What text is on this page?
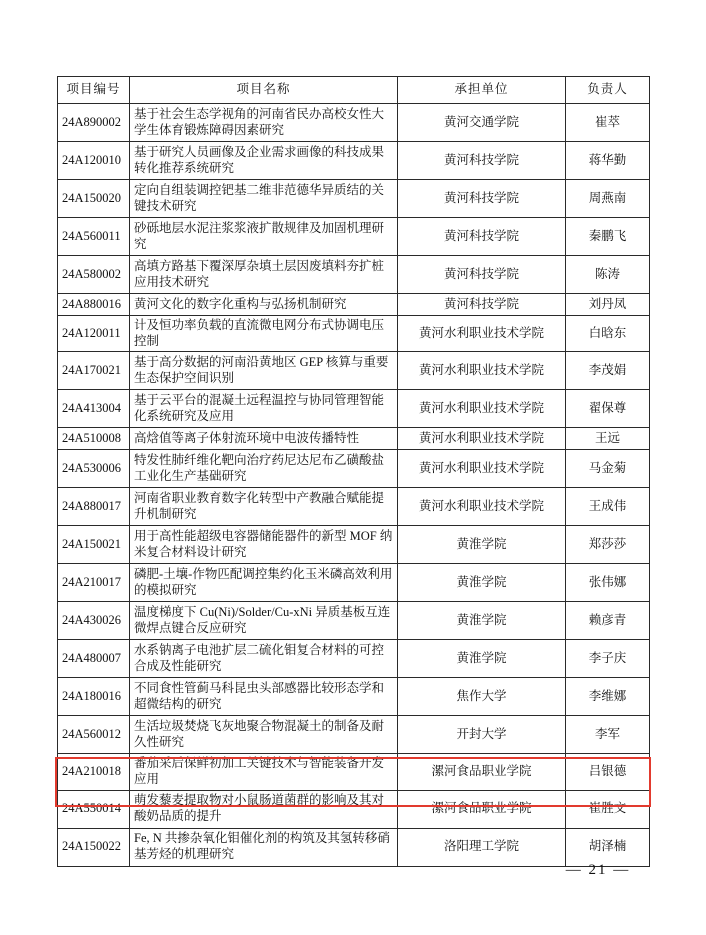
项目编号	项目名称	承担单位	负责人
24A890002	基于社会生态学视角的河南省民办高校女性大学生体育锻炼障碍因素研究	黄河交通学院	崔萃
24A120010	基于研究人员画像及企业需求画像的科技成果转化推荐系统研究	黄河科技学院	蒋华勤
24A150020	定向自组装调控钯基二维非范德华异质结的关键技术研究	黄河科技学院	周燕南
24A560011	砂砾地层水泥注浆浆液扩散规律及加固机理研究	黄河科技学院	秦鹏飞
24A580002	高填方路基下覆深厚杂填土层因废填料夯扩桩应用技术研究	黄河科技学院	陈涛
24A880016	黄河文化的数字化重构与弘扬机制研究	黄河科技学院	刘丹凤
24A120011	计及恒功率负载的直流微电网分布式协调电压控制	黄河水利职业技术学院	白晗东
24A170021	基于高分数据的河南沿黄地区 GEP 核算与重要生态保护空间识别	黄河水利职业技术学院	李茂娟
24A413004	基于云平台的混凝土远程温控与协同管理智能化系统研究及应用	黄河水利职业技术学院	翟保尊
24A510008	高焓值等离子体射流环境中电波传播特性	黄河水利职业技术学院	王远
24A530006	特发性肺纤维化靶向治疗药尼达尼布乙磺酸盐工业化生产基础研究	黄河水利职业技术学院	马金菊
24A880017	河南省职业教育数字化转型中产教融合赋能提升机制研究	黄河水利职业技术学院	王成伟
24A150021	用于高性能超级电容器储能器件的新型 MOF 纳米复合材料设计研究	黄淮学院	郑莎莎
24A210017	磷肥-土壤-作物匹配调控集约化玉米磷高效利用的模拟研究	黄淮学院	张伟娜
24A430026	温度梯度下 Cu(Ni)/Solder/Cu-xNi 异质基板互连微焊点键合反应研究	黄淮学院	赖彦青
24A480007	水系钠离子电池扩层二硫化钼复合材料的可控合成及性能研究	黄淮学院	李子庆
24A180016	不同食性管蓟马科昆虫头部感器比较形态学和超微结构的研究	焦作大学	李维娜
24A560012	生活垃圾焚烧飞灰地聚合物混凝土的制备及耐久性研究	开封大学	李军
24A210018	番茄采后保鲜初加工关键技术与智能装备开发应用	漯河食品职业学院	吕银德
24A550014	萌发藜麦提取物对小鼠肠道菌群的影响及其对酸奶品质的提升	漯河食品职业学院	崔胜文
24A150022	Fe, N 共掺杂氧化钼催化剂的构筑及其氢转移硝基芳烃的机理研究	洛阳理工学院	胡泽楠
— 21 —
